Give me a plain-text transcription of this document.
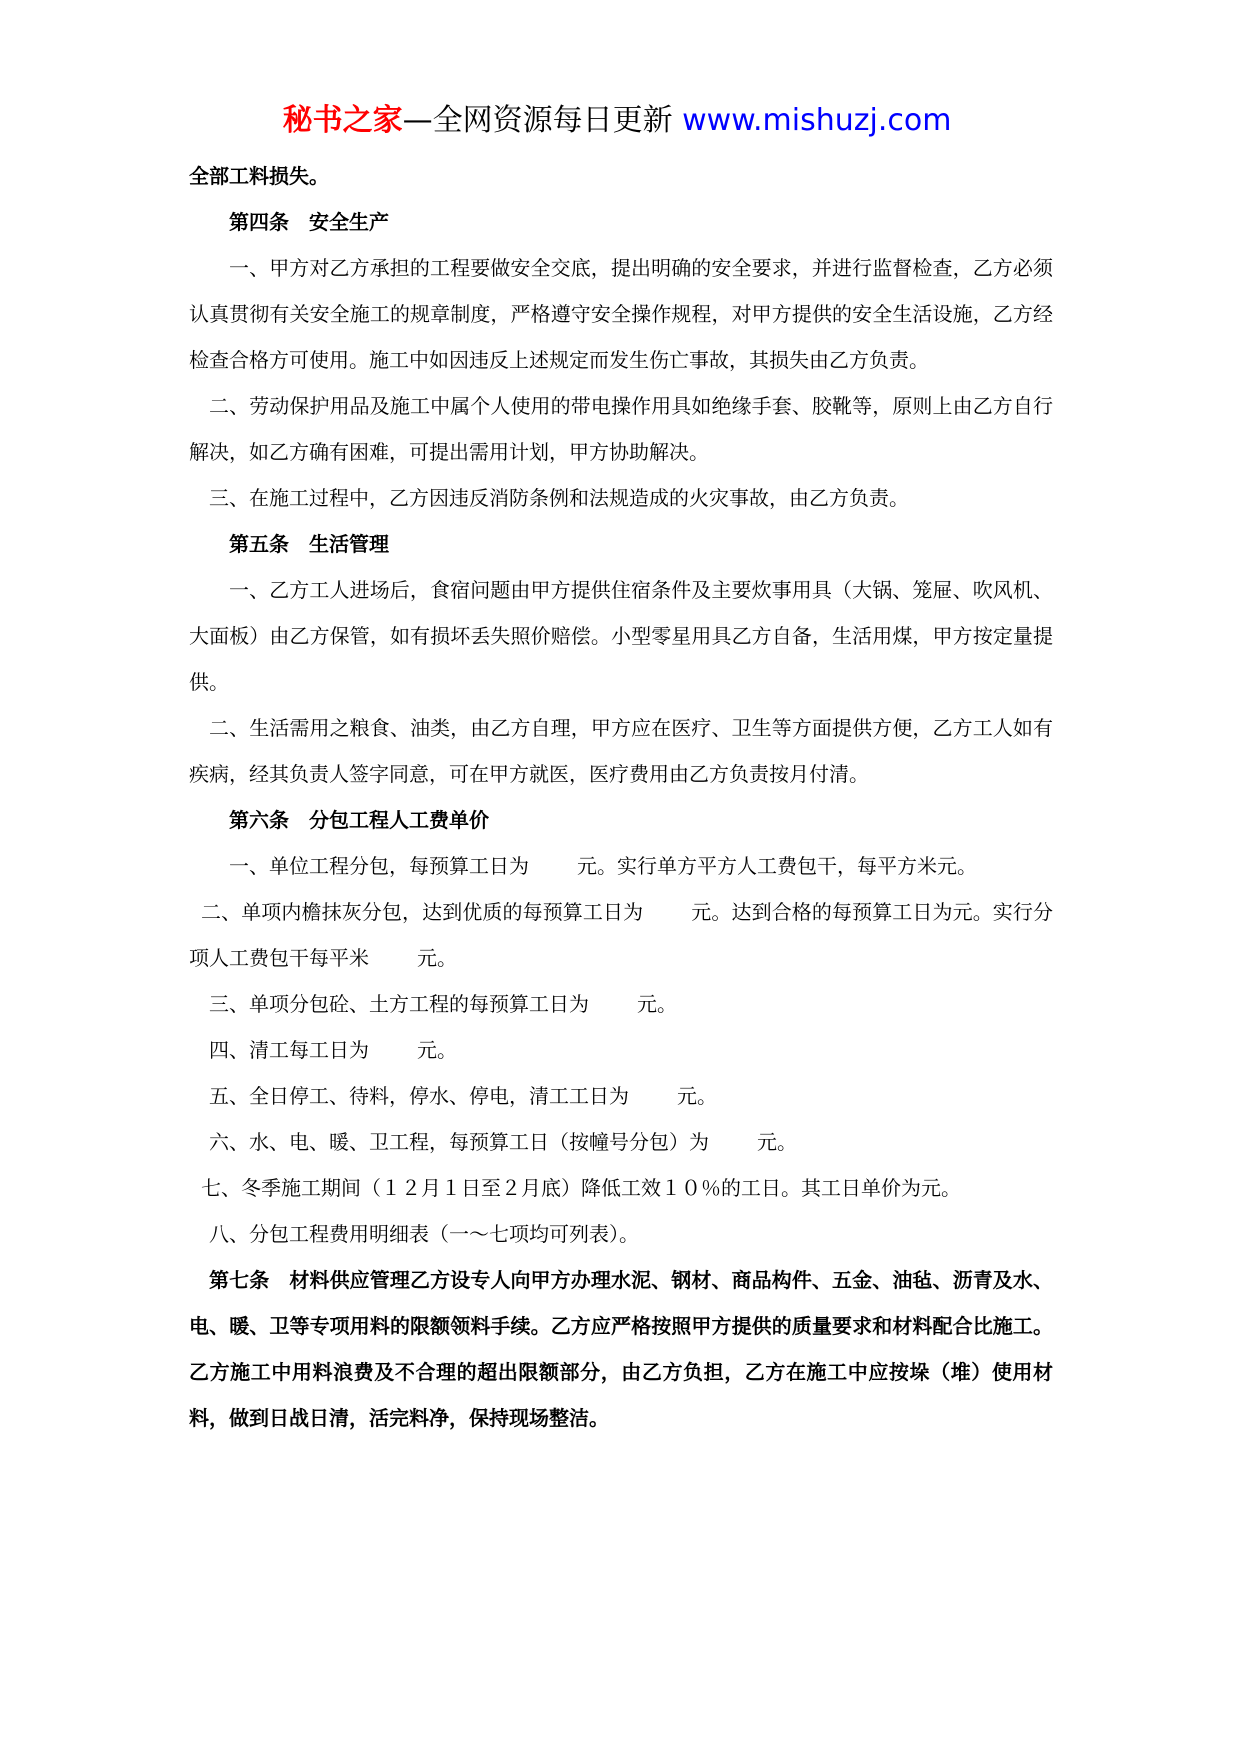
秘书之家—全网资源每日更新 www.mishuzj.com

全部工料损失。

第四条　安全生产

一、甲方对乙方承担的工程要做安全交底，提出明确的安全要求，并进行监督检查，乙方必须认真贯彻有关安全施工的规章制度，严格遵守安全操作规程，对甲方提供的安全生活设施，乙方经检查合格方可使用。施工中如因违反上述规定而发生伤亡事故，其损失由乙方负责。

二、劳动保护用品及施工中属个人使用的带电操作用具如绝缘手套、胶靴等，原则上由乙方自行解决，如乙方确有困难，可提出需用计划，甲方协助解决。

三、在施工过程中，乙方因违反消防条例和法规造成的火灾事故，由乙方负责。

第五条　生活管理

一、乙方工人进场后，食宿问题由甲方提供住宿条件及主要炊事用具（大锅、笼屉、吹风机、大面板）由乙方保管，如有损坏丢失照价赔偿。小型零星用具乙方自备，生活用煤，甲方按定量提供。

二、生活需用之粮食、油类，由乙方自理，甲方应在医疗、卫生等方面提供方便，乙方工人如有疾病，经其负责人签字同意，可在甲方就医，医疗费用由乙方负责按月付清。

第六条　分包工程人工费单价

一、单位工程分包，每预算工日为 元。实行单方平方人工费包干，每平方米元。

二、单项内檐抹灰分包，达到优质的每预算工日为 元。达到合格的每预算工日为元。实行分项人工费包干每平米 元。

三、单项分包砼、土方工程的每预算工日为 元。

四、清工每工日为 元。

五、全日停工、待料，停水、停电，清工工日为 元。

六、水、电、暖、卫工程，每预算工日（按幢号分包）为 元。

七、冬季施工期间（１２月１日至２月底）降低工效１０％的工日。其工日单价为元。

八、分包工程费用明细表（一～七项均可列表）。

第七条　材料供应管理乙方设专人向甲方办理水泥、钢材、商品构件、五金、油毡、沥青及水、电、暖、卫等专项用料的限额领料手续。乙方应严格按照甲方提供的质量要求和材料配合比施工。乙方施工中用料浪费及不合理的超出限额部分，由乙方负担，乙方在施工中应按垛（堆）使用材料，做到日战日清，活完料净，保持现场整洁。
